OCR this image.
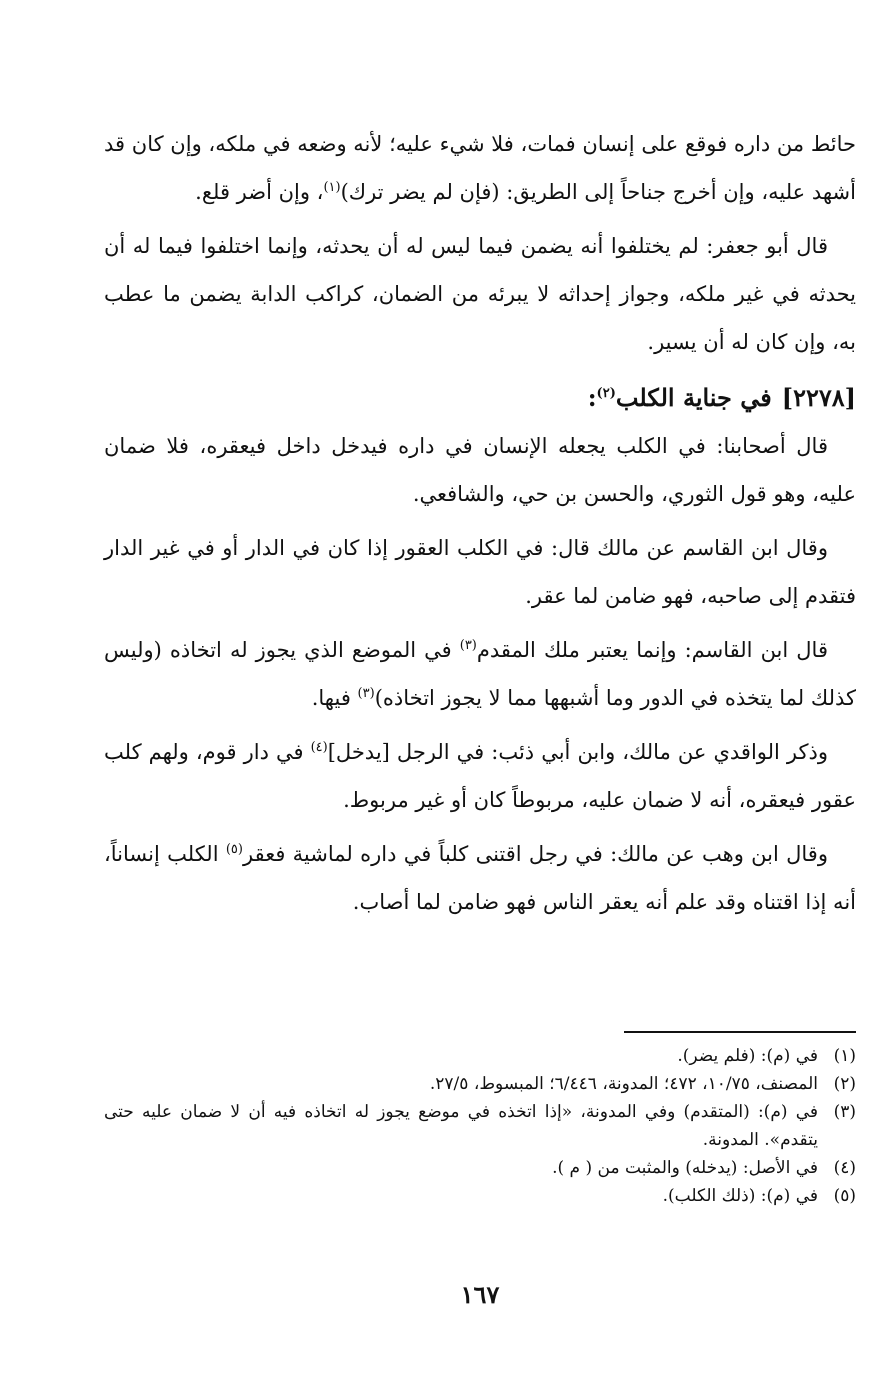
حائط من داره فوقع على إنسان فمات، فلا شيء عليه؛ لأنه وضعه في ملكه، وإن كان قد أشهد عليه، وإن أخرج جناحاً إلى الطريق: (فإن لم يضر ترك)$^{(١)}$، وإن أضر قلع.

قال أبو جعفر: لم يختلفوا أنه يضمن فيما ليس له أن يحدثه، وإنما اختلفوا فيما له أن يحدثه في غير ملكه، وجواز إحداثه لا يبرئه من الضمان، كراكب الدابة يضمن ما عطب به، وإن كان له أن يسير.

[٢٢٧٨]في جناية الكلب$^{(٢)}$:

قال أصحابنا: في الكلب يجعله الإنسان في داره فيدخل داخل فيعقره، فلا ضمان عليه، وهو قول الثوري، والحسن بن حي، والشافعي.

وقال ابن القاسم عن مالك قال: في الكلب العقور إذا كان في الدار أو في غير الدار فتقدم إلى صاحبه، فهو ضامن لما عقر.

قال ابن القاسم: وإنما يعتبر ملك المقدم$^{(٣)}$ في الموضع الذي يجوز له اتخاذه (وليس كذلك لما يتخذه في الدور وما أشبهها مما لا يجوز اتخاذه)$^{(٣)}$ فيها.

وذكر الواقدي عن مالك، وابن أبي ذئب: في الرجل [يدخل]$^{(٤)}$ في دار قوم، ولهم كلب عقور فيعقره، أنه لا ضمان عليه، مربوطاً كان أو غير مربوط.

وقال ابن وهب عن مالك: في رجل اقتنى كلباً في داره لماشية فعقر$^{(٥)}$ الكلب إنساناً، أنه إذا اقتناه وقد علم أنه يعقر الناس فهو ضامن لما أصاب.

(١)
في (م): (فلم يضر).
(٢)
المصنف، ١٠/٧٥، ٤٧٢؛ المدونة، ٦/٤٤٦؛ المبسوط، ٢٧/٥.
(٣)
في (م): (المتقدم) وفي المدونة، «إذا اتخذه في موضع يجوز له اتخاذه فيه أن لا ضمان عليه حتى يتقدم». المدونة.
(٤)
في الأصل: (يدخله) والمثبت من ( م ).
(٥)
في (م): (ذلك الكلب).
١٦٧
